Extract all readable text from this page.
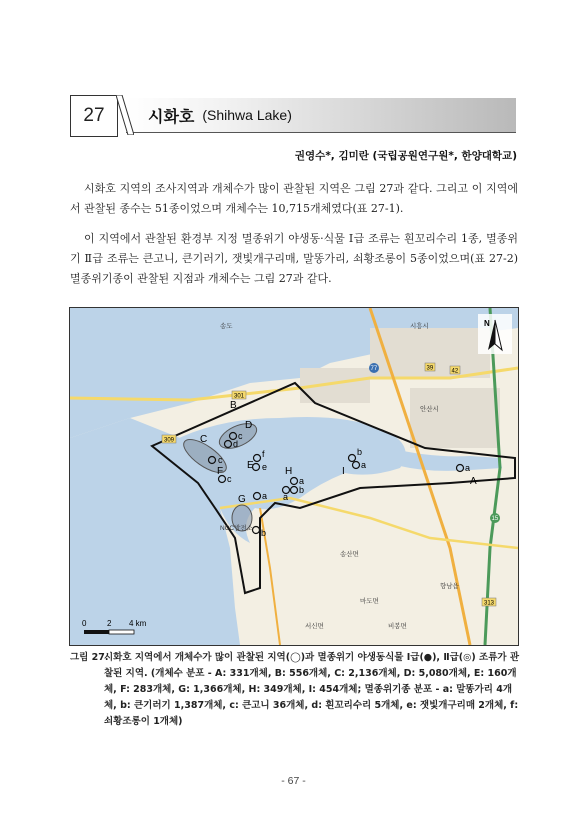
27	시화호 (Shihwa Lake)
권영수*, 김미란 (국립공원연구원*, 한양대학교)
시화호 지역의 조사지역과 개체수가 많이 관찰된 지역은 그림 27과 같다. 그리고 이 지역에서 관찰된 종수는 51종이었으며 개체수는 10,715개체였다(표 27-1).
이 지역에서 관찰된 환경부 지정 멸종위기 야생동·식물 Ⅰ급 조류는 흰꼬리수리 1종, 멸종위기 Ⅱ급 조류는 큰고니, 큰기러기, 잿빛개구리매, 말똥가리, 쇠황조롱이 5종이었으며(표 27-2) 멸종위기종이 관찰된 지점과 개체수는 그림 27과 같다.
B
C
D
E
F
G
H	I
A
c
c
d
f
e
c
a
a
b
a
b
a	a
b
송도	시흥시
안산시
NCC발전소
송산면
마도면
서신면
향남읍
비봉면
301
309
77
15
313
39	42
N
0	2 4 km
그림 27.
시화호 지역에서 개체수가 많이 관찰된 지역(◯)과 멸종위기 야생동식물 Ⅰ급(●), Ⅱ급(◎) 조류가 관찰된 지역. (개체수 분포 - A: 331개체, B: 556개체, C: 2,136개체, D: 5,080개체, E: 160개체, F: 283개체, G: 1,366개체, H: 349개체, I: 454개체; 멸종위기종 분포 - a: 말똥가리 4개체, b: 큰기러기 1,387개체, c: 큰고니 36개체, d: 흰꼬리수리 5개체, e: 잿빛개구리매 2개체, f: 쇠황조롱이 1개체)
- 67 -
